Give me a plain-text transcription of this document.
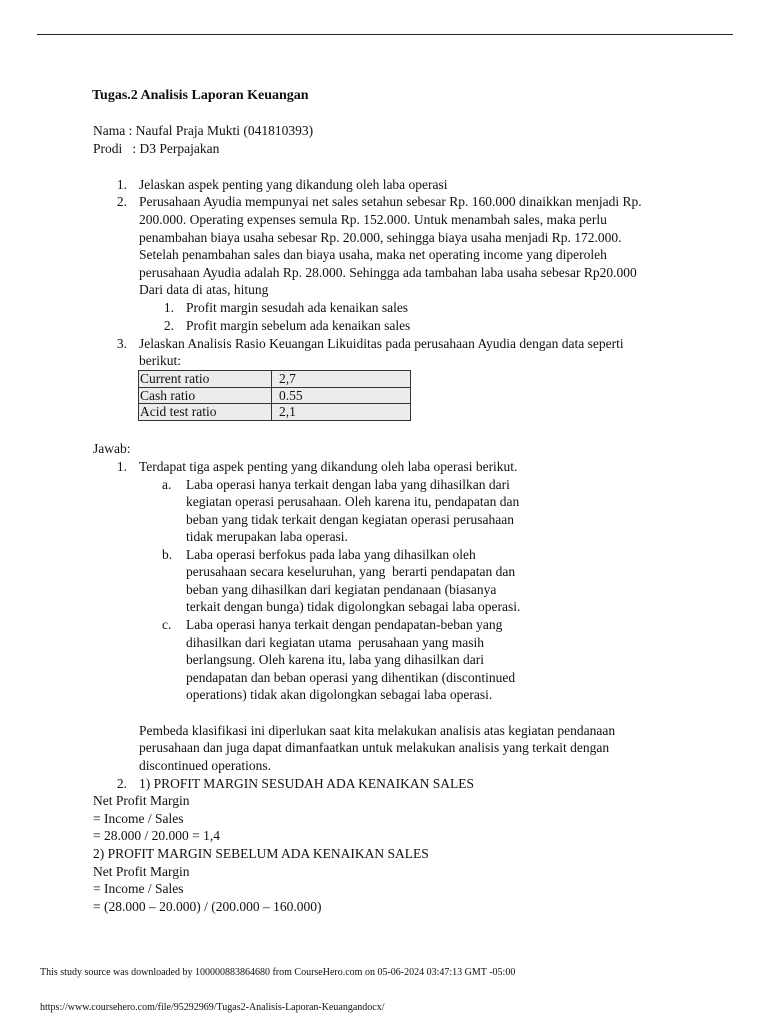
Tugas.2 Analisis Laporan Keuangan
Nama : Naufal Praja Mukti (041810393)
Prodi   : D3 Perpajakan
1. Jelaskan aspek penting yang dikandung oleh laba operasi
2. Perusahaan Ayudia mempunyai net sales setahun sebesar Rp. 160.000 dinaikkan menjadi Rp.
200.000. Operating expenses semula Rp. 152.000. Untuk menambah sales, maka perlu
penambahan biaya usaha sebesar Rp. 20.000, sehingga biaya usaha menjadi Rp. 172.000.
Setelah penambahan sales dan biaya usaha, maka net operating income yang diperoleh
perusahaan Ayudia adalah Rp. 28.000. Sehingga ada tambahan laba usaha sebesar Rp20.000
Dari data di atas, hitung
1. Profit margin sesudah ada kenaikan sales
2. Profit margin sebelum ada kenaikan sales
3. Jelaskan Analisis Rasio Keuangan Likuiditas pada perusahaan Ayudia dengan data seperti
berikut:
Current ratio	2,7
Cash ratio	0.55
Acid test ratio	2,1
Jawab:
1. Terdapat tiga aspek penting yang dikandung oleh laba operasi berikut.
a. Laba operasi hanya terkait dengan laba yang dihasilkan dari
kegiatan operasi perusahaan. Oleh karena itu, pendapatan dan
beban yang tidak terkait dengan kegiatan operasi perusahaan
tidak merupakan laba operasi.
b. Laba operasi berfokus pada laba yang dihasilkan oleh
perusahaan secara keseluruhan, yang  berarti pendapatan dan
beban yang dihasilkan dari kegiatan pendanaan (biasanya
terkait dengan bunga) tidak digolongkan sebagai laba operasi.
c. Laba operasi hanya terkait dengan pendapatan-beban yang
dihasilkan dari kegiatan utama  perusahaan yang masih
berlangsung. Oleh karena itu, laba yang dihasilkan dari
pendapatan dan beban operasi yang dihentikan (discontinued
operations) tidak akan digolongkan sebagai laba operasi.
Pembeda klasifikasi ini diperlukan saat kita melakukan analisis atas kegiatan pendanaan
perusahaan dan juga dapat dimanfaatkan untuk melakukan analisis yang terkait dengan
discontinued operations.
2. 1) PROFIT MARGIN SESUDAH ADA KENAIKAN SALES
Net Profit Margin
= Income / Sales
= 28.000 / 20.000 = 1,4
2) PROFIT MARGIN SEBELUM ADA KENAIKAN SALES
Net Profit Margin
= Income / Sales
= (28.000 – 20.000) / (200.000 – 160.000)
This study source was downloaded by 100000883864680 from CourseHero.com on 05-06-2024 03:47:13 GMT -05:00
https://www.coursehero.com/file/95292969/Tugas2-Analisis-Laporan-Keuangandocx/
